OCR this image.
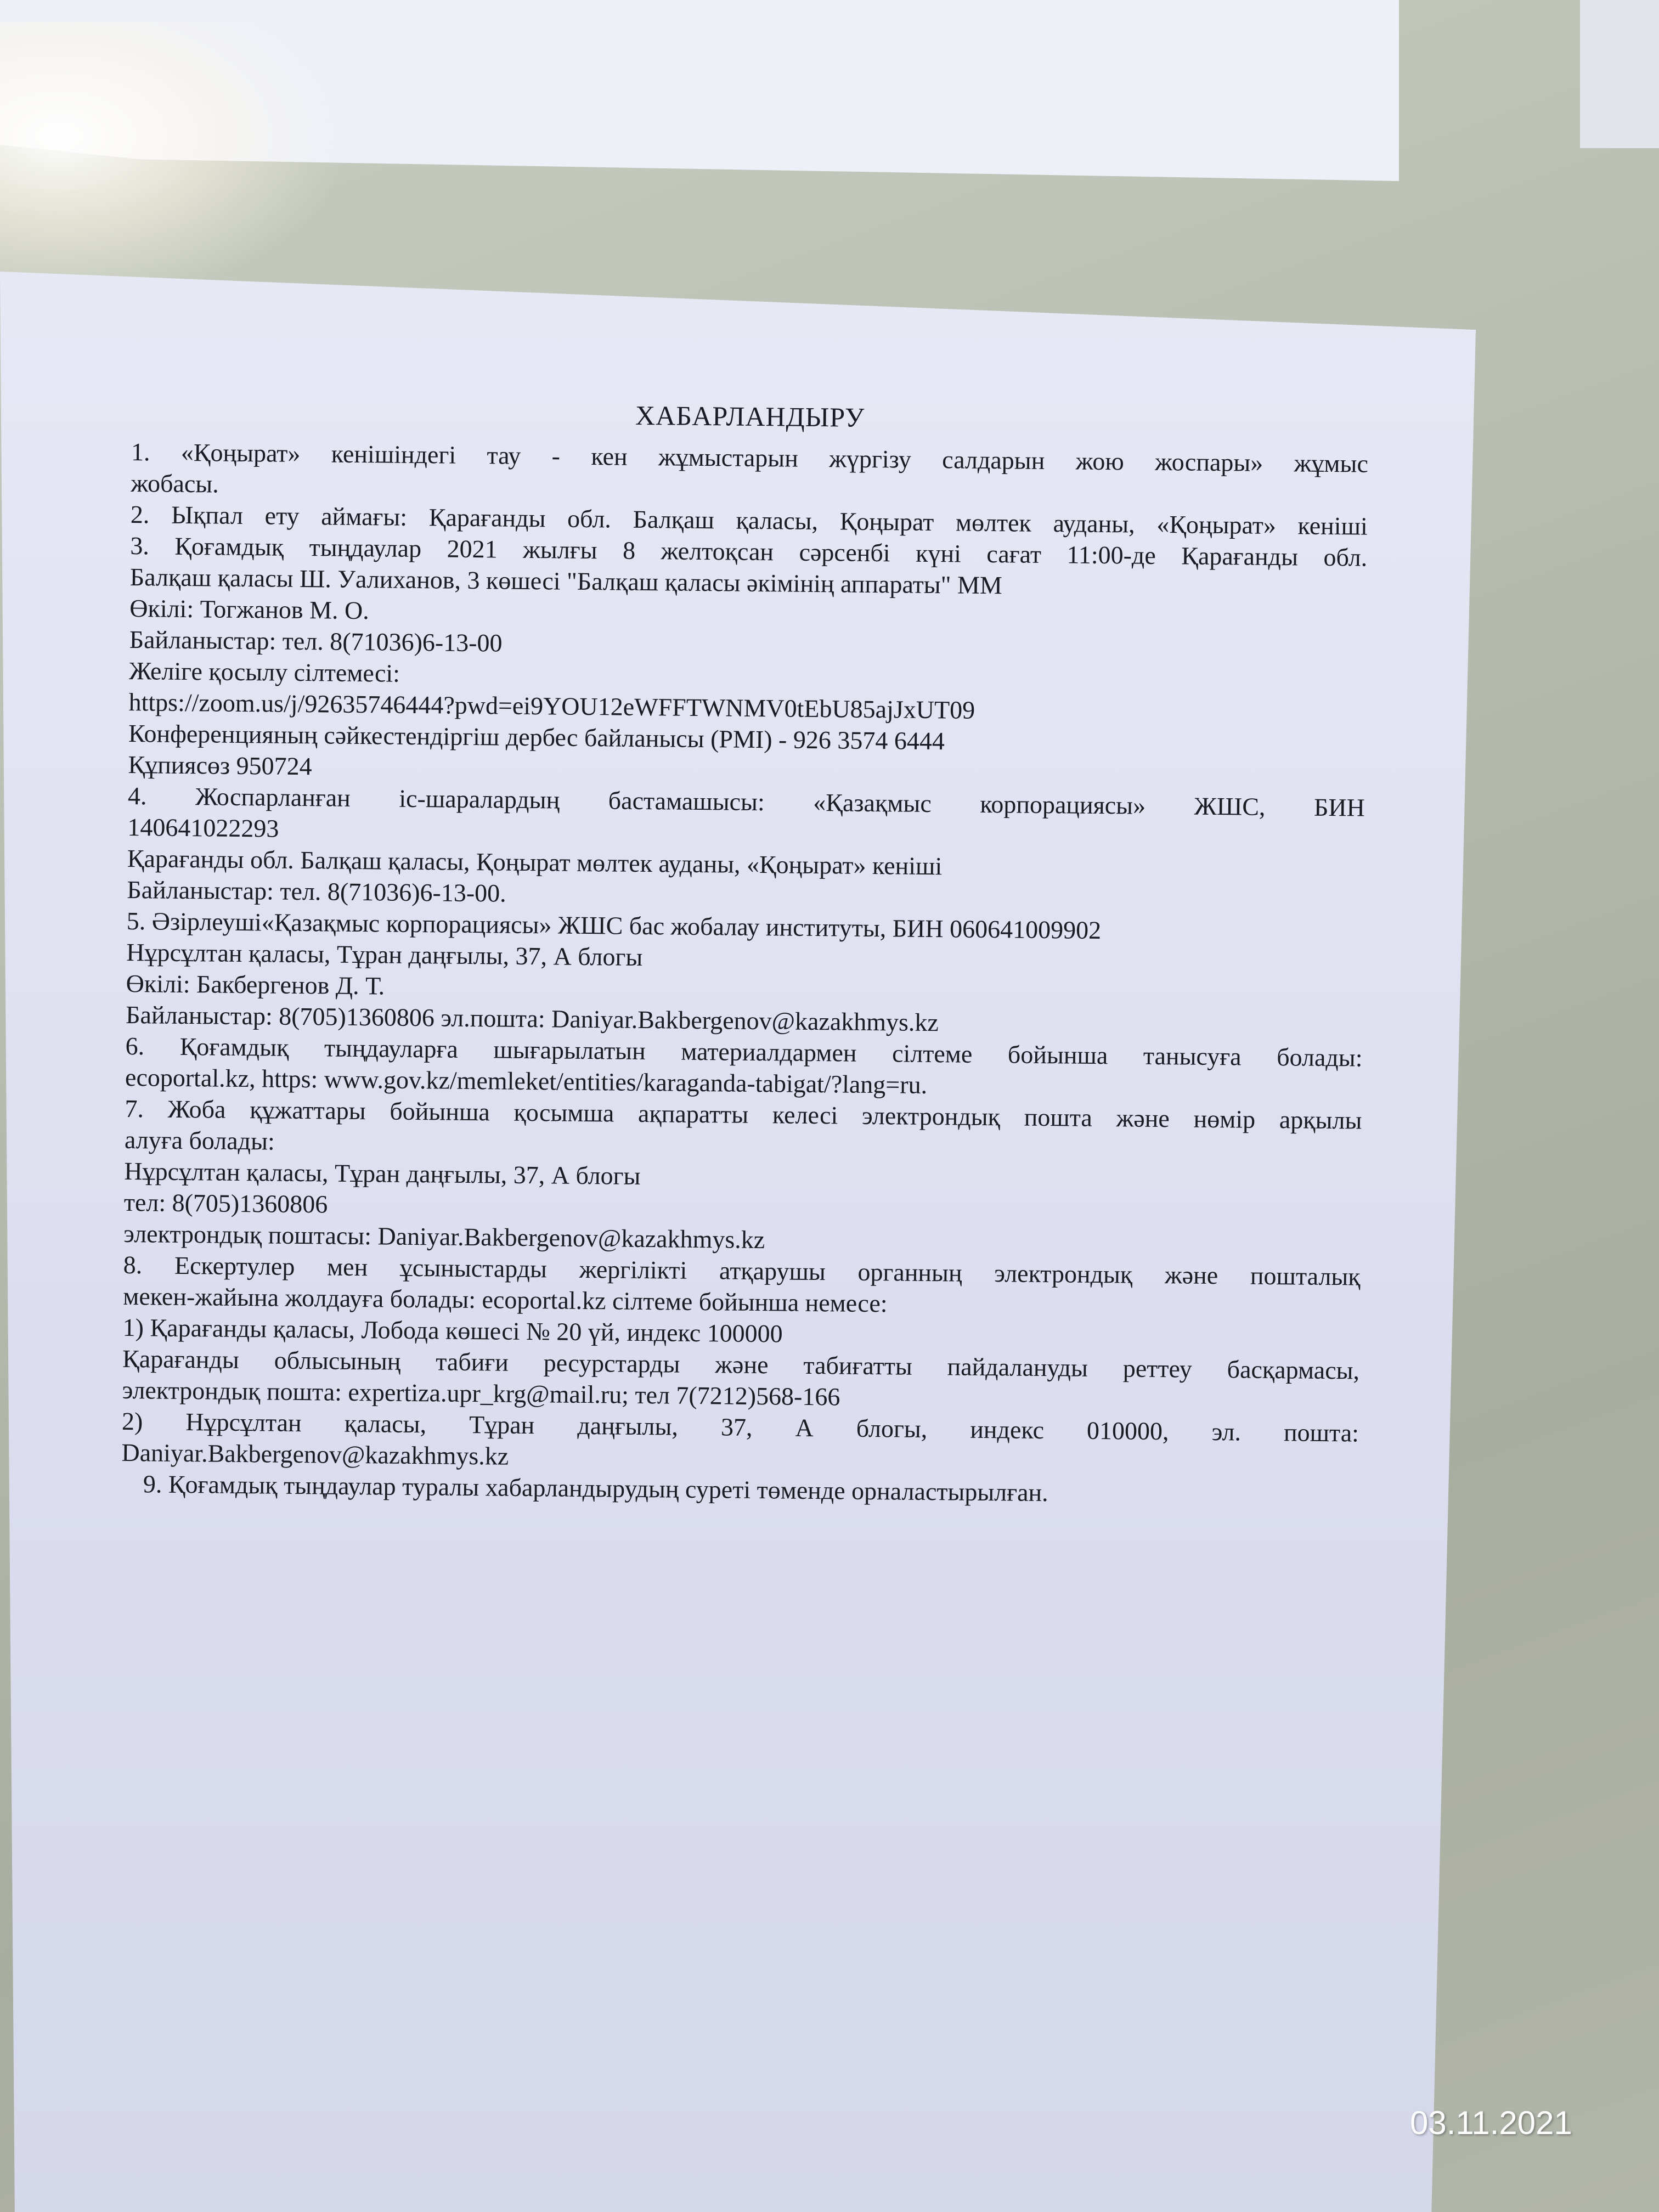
ХАБАРЛАНДЫРУ

1. «Қоңырат» кенішіндегі тау - кен жұмыстарын жүргізу салдарын жою жоспары» жұмыс

жобасы.

2. Ықпал ету аймағы: Қарағанды обл. Балқаш қаласы, Қоңырат мөлтек ауданы, «Қоңырат» кеніші

3. Қоғамдық тыңдаулар 2021 жылғы 8 желтоқсан сәрсенбі күні сағат 11:00-де Қарағанды обл.

Балқаш қаласы Ш. Уалиханов, 3 көшесі "Балқаш қаласы әкімінің аппараты" ММ

Өкілі: Тогжанов М. О.

Байланыстар: тел. 8(71036)6-13-00

Желіге қосылу сілтемесі:

https://zoom.us/j/92635746444?pwd=ei9YOU12eWFFTWNMV0tEbU85ajJxUT09

Конференцияның сәйкестендіргіш дербес байланысы (PMI) - 926 3574 6444

Құпиясөз 950724

4. Жоспарланған іс-шаралардың бастамашысы: «Қазақмыс корпорациясы» ЖШС, БИН

140641022293

Қарағанды обл. Балқаш қаласы, Қоңырат мөлтек ауданы, «Қоңырат» кеніші

Байланыстар: тел. 8(71036)6-13-00.

5. Әзірлеуші«Қазақмыс корпорациясы» ЖШС бас жобалау институты, БИН 060641009902

Нұрсұлтан қаласы, Тұран даңғылы, 37, А блогы

Өкілі: Бакбергенов Д. Т.

Байланыстар: 8(705)1360806 эл.пошта: Daniyar.Bakbergenov@kazakhmys.kz

6. Қоғамдық тыңдауларға шығарылатын материалдармен сілтеме бойынша танысуға болады:

ecoportal.kz, https: www.gov.kz/memleket/entities/karaganda-tabigat/?lang=ru.

7. Жоба құжаттары бойынша қосымша ақпаратты келесі электрондық пошта және нөмір арқылы

алуға болады:

Нұрсұлтан қаласы, Тұран даңғылы, 37, А блогы

тел: 8(705)1360806

электрондық поштасы: Daniyar.Bakbergenov@kazakhmys.kz

8. Ескертулер мен ұсыныстарды жергілікті атқарушы органның электрондық және пошталық

мекен-жайына жолдауға болады: ecoportal.kz сілтеме бойынша немесе:

1) Қарағанды қаласы, Лобода көшесі № 20 үй, индекс 100000

Қарағанды облысының табиғи ресурстарды және табиғатты пайдалануды реттеу басқармасы,

электрондық пошта: expertiza.upr_krg@mail.ru; тел 7(7212)568-166

2) Нұрсұлтан қаласы, Тұран даңғылы, 37, А блогы, индекс 010000, эл. пошта:

Daniyar.Bakbergenov@kazakhmys.kz

9. Қоғамдық тыңдаулар туралы хабарландырудың суреті төменде орналастырылған.

03.11.2021
